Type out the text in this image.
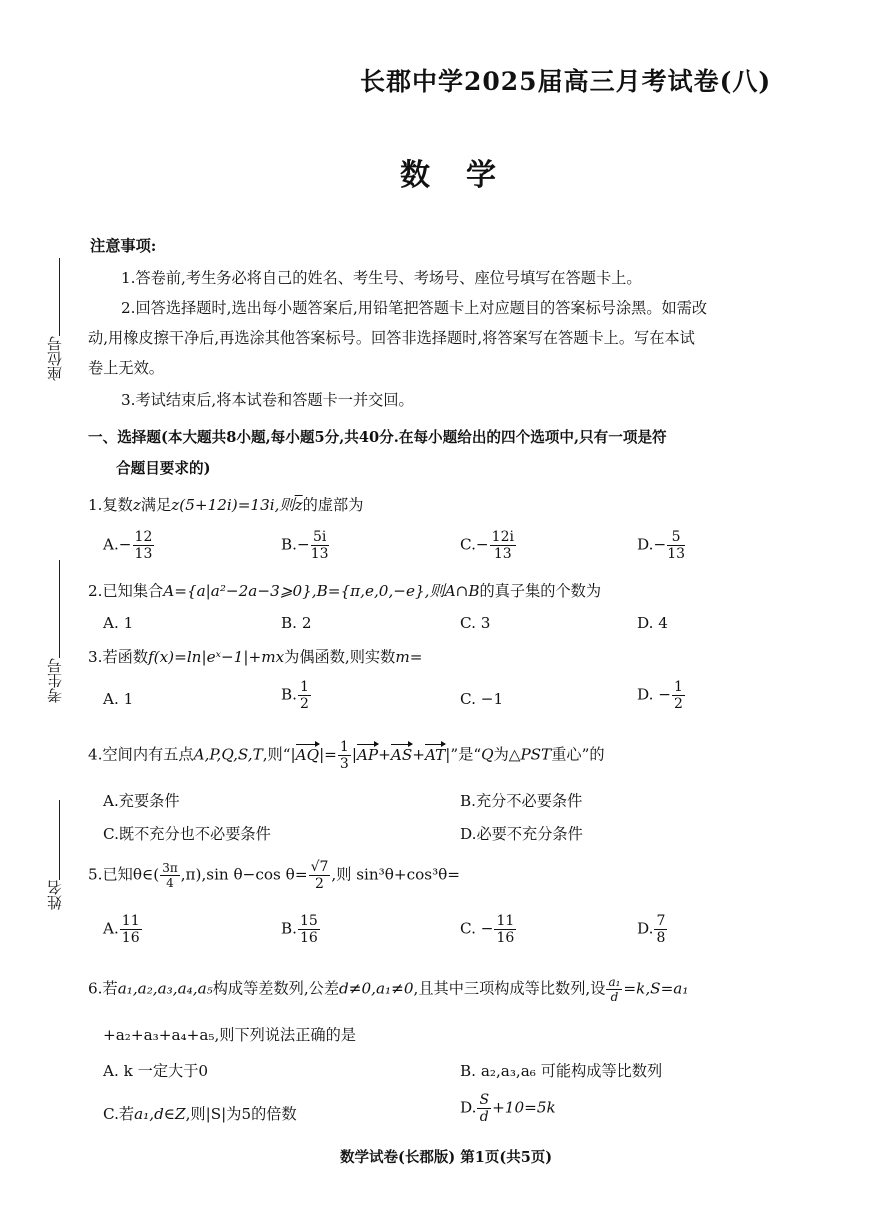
长郡中学2025届高三月考试卷(八)
数学
座位号
考生号
姓名
注意事项:
1.答卷前,考生务必将自己的姓名、考生号、考场号、座位号填写在答题卡上。
2.回答选择题时,选出每小题答案后,用铅笔把答题卡上对应题目的答案标号涂黑。如需改
动,用橡皮擦干净后,再选涂其他答案标号。回答非选择题时,将答案写在答题卡上。写在本试
卷上无效。
3.考试结束后,将本试卷和答题卡一并交回。
一、选择题(本大题共8小题,每小题5分,共40分.在每小题给出的四个选项中,只有一项是符
合题目要求的)
1.复数z满足z(5+12i)=13i,则$\overline{z}$的虚部为
$A.- \frac{12}{13}$	$B.- \frac{5i}{13}$	$C.- \frac{12i}{13}$	$D.- \frac{5}{13}$
2.已知集合A={a|a²−2a−3⩾0},B={π,e,0,−e},则A∩B的真子集的个数为
A. 1	B. 2	C. 3	D. 4
3.若函数f(x)=ln|eˣ−1|+mx为偶函数,则实数m=
A. 1	B. $\frac{1}{2}$	C. −1	D. − $\frac{1}{2}$
4.空间内有五点A,P,Q,S,T,则“$|AQ|= \frac{1}{3} |AP+AS+AT|$”是“Q为△PST重心”的
A.充要条件	B.充分不必要条件
C.既不充分也不必要条件	D.必要不充分条件
5.已知θ∈( $\frac{3\pi}{4} ,\pi),\sin$ θ−cos $\theta= \frac{√7}{2}$ ,则 sin³θ+cos³θ=
A. $\frac{11}{16}$	B. $\frac{15}{16}$	C. − $\frac{11}{16}$	D. $\frac{7}{8}$
6.若a₁,a₂,a₃,a₄,a₅构成等差数列,公差d≠0,a₁≠0,且其中三项构成等比数列,设 $\frac{\text{a₁}}{d} =k,S=a_1$
+a₂+a₃+a₄+a₅,则下列说法正确的是
A. k 一定大于0	B. a₂,a₃,a₆ 可能构成等比数列
C.若a₁,d∈Z,则|S|为5的倍数	D. $\frac{S}{d} +10=5k$
数学试卷(长郡版) 第1页(共5页)
